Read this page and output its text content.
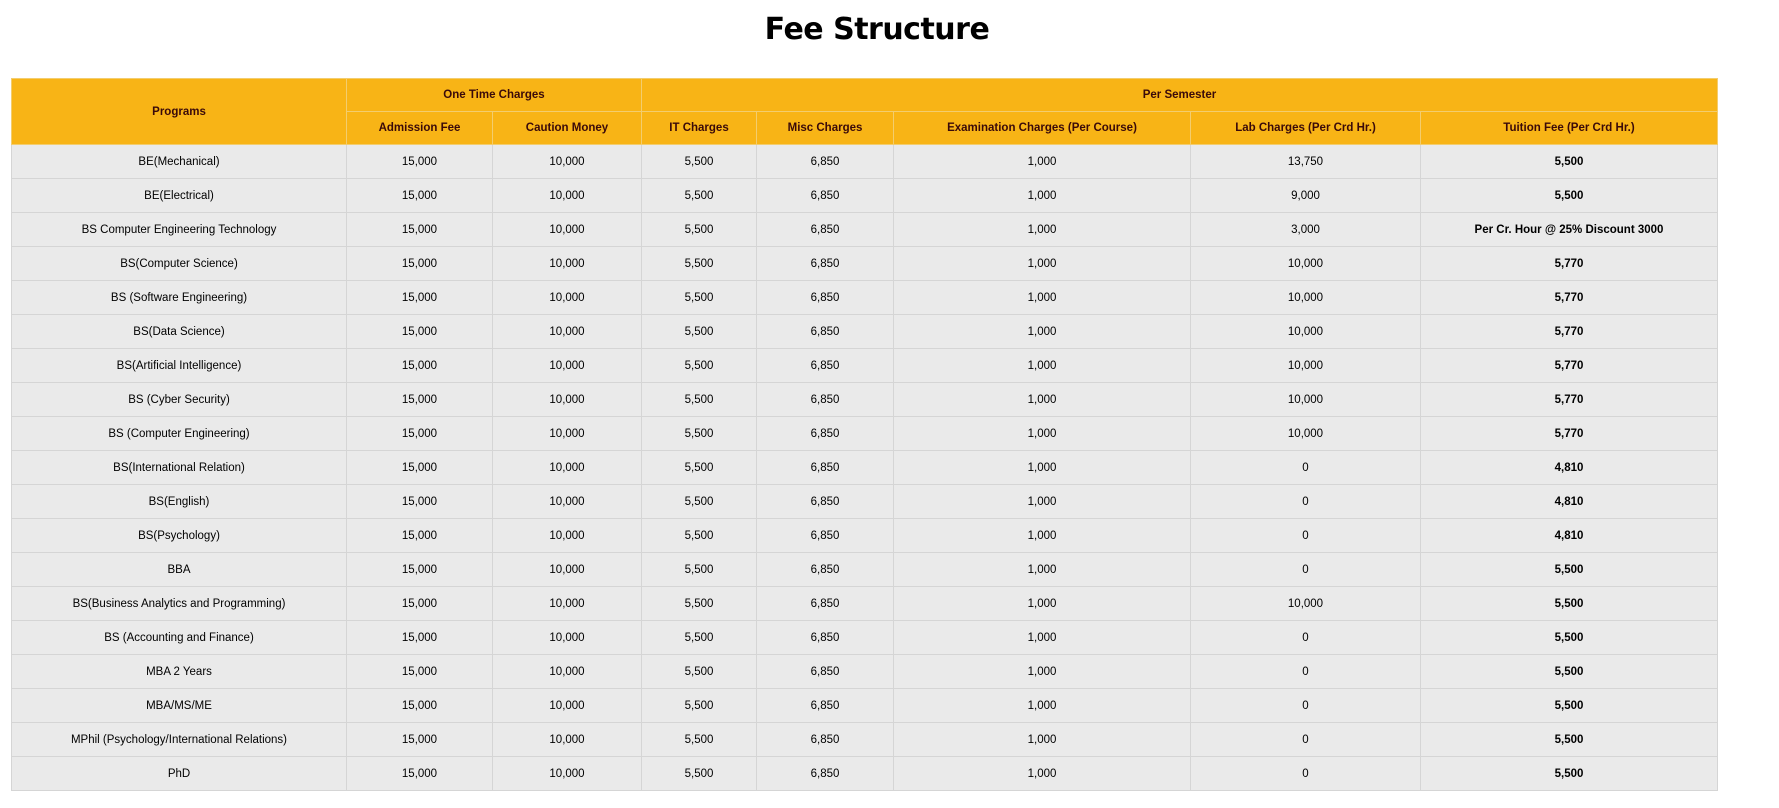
Fee Structure
Programs	One Time Charges		Per Semester				
	Admission Fee	Caution Money	IT Charges	Misc Charges	Examination Charges (Per Course)	Lab Charges (Per Crd Hr.)	Tuition Fee (Per Crd Hr.)
BE(Mechanical)	15,000	10,000	5,500	6,850	1,000	13,750	5,500
BE(Electrical)	15,000	10,000	5,500	6,850	1,000	9,000	5,500
BS Computer Engineering Technology	15,000	10,000	5,500	6,850	1,000	3,000	Per Cr. Hour @ 25% Discount 3000
BS(Computer Science)	15,000	10,000	5,500	6,850	1,000	10,000	5,770
BS (Software Engineering)	15,000	10,000	5,500	6,850	1,000	10,000	5,770
BS(Data Science)	15,000	10,000	5,500	6,850	1,000	10,000	5,770
BS(Artificial Intelligence)	15,000	10,000	5,500	6,850	1,000	10,000	5,770
BS (Cyber Security)	15,000	10,000	5,500	6,850	1,000	10,000	5,770
BS (Computer Engineering)	15,000	10,000	5,500	6,850	1,000	10,000	5,770
BS(International Relation)	15,000	10,000	5,500	6,850	1,000	0	4,810
BS(English)	15,000	10,000	5,500	6,850	1,000	0	4,810
BS(Psychology)	15,000	10,000	5,500	6,850	1,000	0	4,810
BBA	15,000	10,000	5,500	6,850	1,000	0	5,500
BS(Business Analytics and Programming)	15,000	10,000	5,500	6,850	1,000	10,000	5,500
BS (Accounting and Finance)	15,000	10,000	5,500	6,850	1,000	0	5,500
MBA 2 Years	15,000	10,000	5,500	6,850	1,000	0	5,500
MBA/MS/ME	15,000	10,000	5,500	6,850	1,000	0	5,500
MPhil (Psychology/International Relations)	15,000	10,000	5,500	6,850	1,000	0	5,500
PhD	15,000	10,000	5,500	6,850	1,000	0	5,500
